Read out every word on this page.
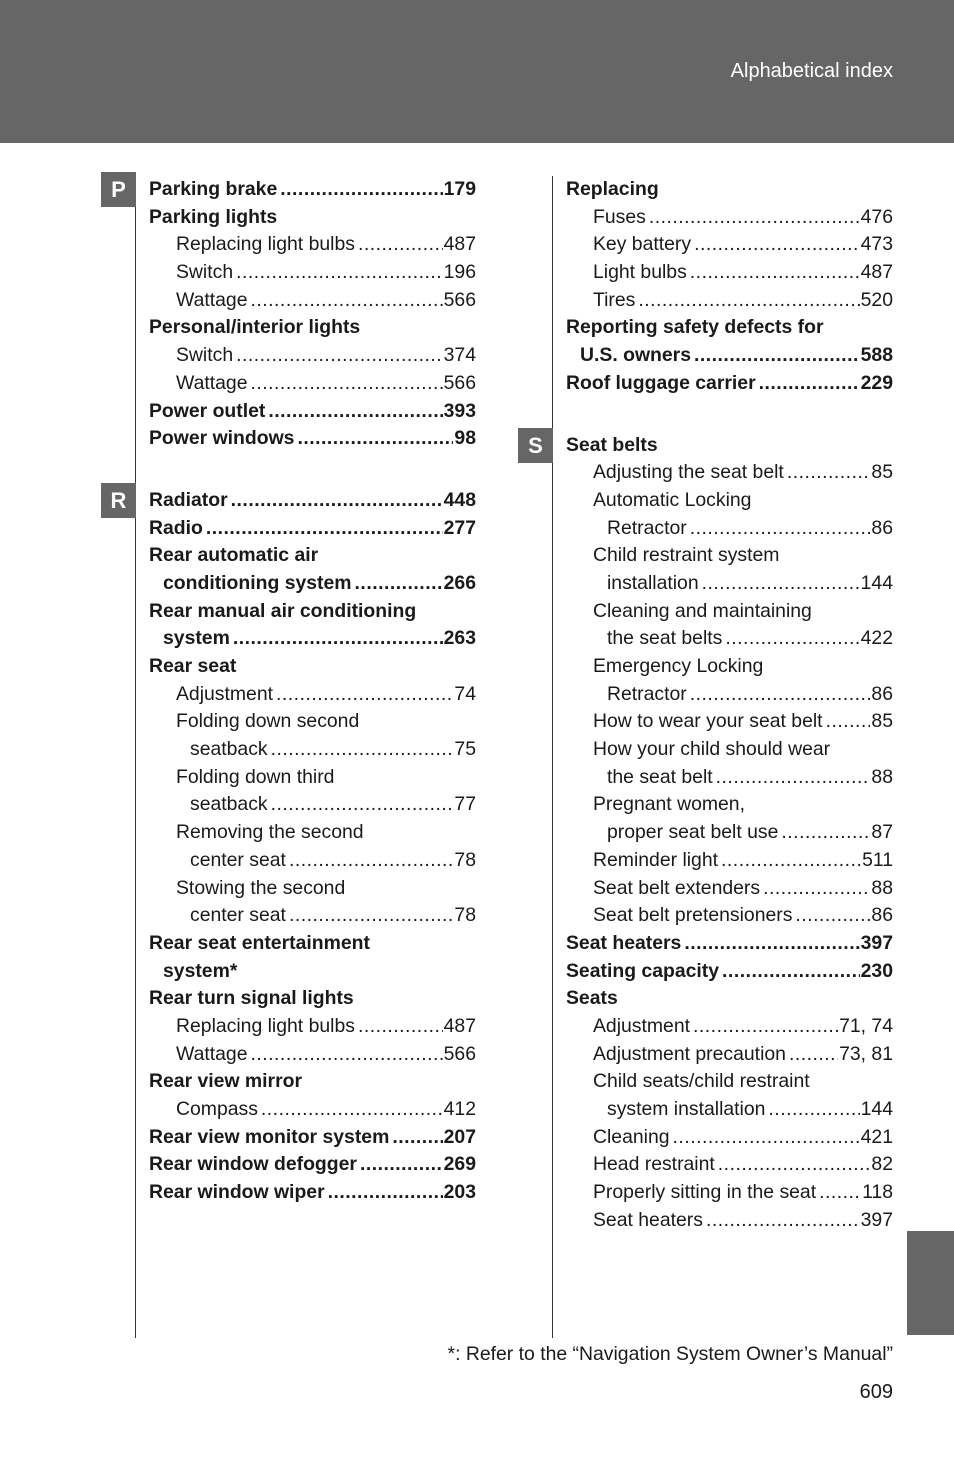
Alphabetical index
P
R
S
Parking brake .....	179
Parking lights
Replacing light bulbs .....	487
Switch .....	196
Wattage .....	566
Personal/interior lights
Switch .....	374
Wattage .....	566
Power outlet .....	393
Power windows .....	98
Radiator .....	448
Radio .....	277
Rear automatic air
conditioning system .....	266
Rear manual air conditioning
system .....	263
Rear seat
Adjustment .....	74
Folding down second
seatback .....	75
Folding down third
seatback .....	77
Removing the second
center seat .....	78
Stowing the second
center seat .....	78
Rear seat entertainment
system*
Rear turn signal lights
Replacing light bulbs .....	487
Wattage .....	566
Rear view mirror
Compass .....	412
Rear view monitor system .....	207
Rear window defogger .....	269
Rear window wiper .....	203
Replacing
Fuses .....	476
Key battery .....	473
Light bulbs .....	487
Tires .....	520
Reporting safety defects for
U.S. owners .....	588
Roof luggage carrier .....	229
Seat belts
Adjusting the seat belt .....	85
Automatic Locking
Retractor .....	86
Child restraint system
installation .....	144
Cleaning and maintaining
the seat belts .....	422
Emergency Locking
Retractor .....	86
How to wear your seat belt .....	85
How your child should wear
the seat belt .....	88
Pregnant women,
proper seat belt use .....	87
Reminder light .....	511
Seat belt extenders .....	88
Seat belt pretensioners .....	86
Seat heaters .....	397
Seating capacity .....	230
Seats
Adjustment .....	71, 74
Adjustment precaution .....	73, 81
Child seats/child restraint
system installation .....	144
Cleaning .....	421
Head restraint .....	82
Properly sitting in the seat ..... 118
Seat heaters .....	397
*: Refer to the “Navigation System Owner’s Manual”
609
